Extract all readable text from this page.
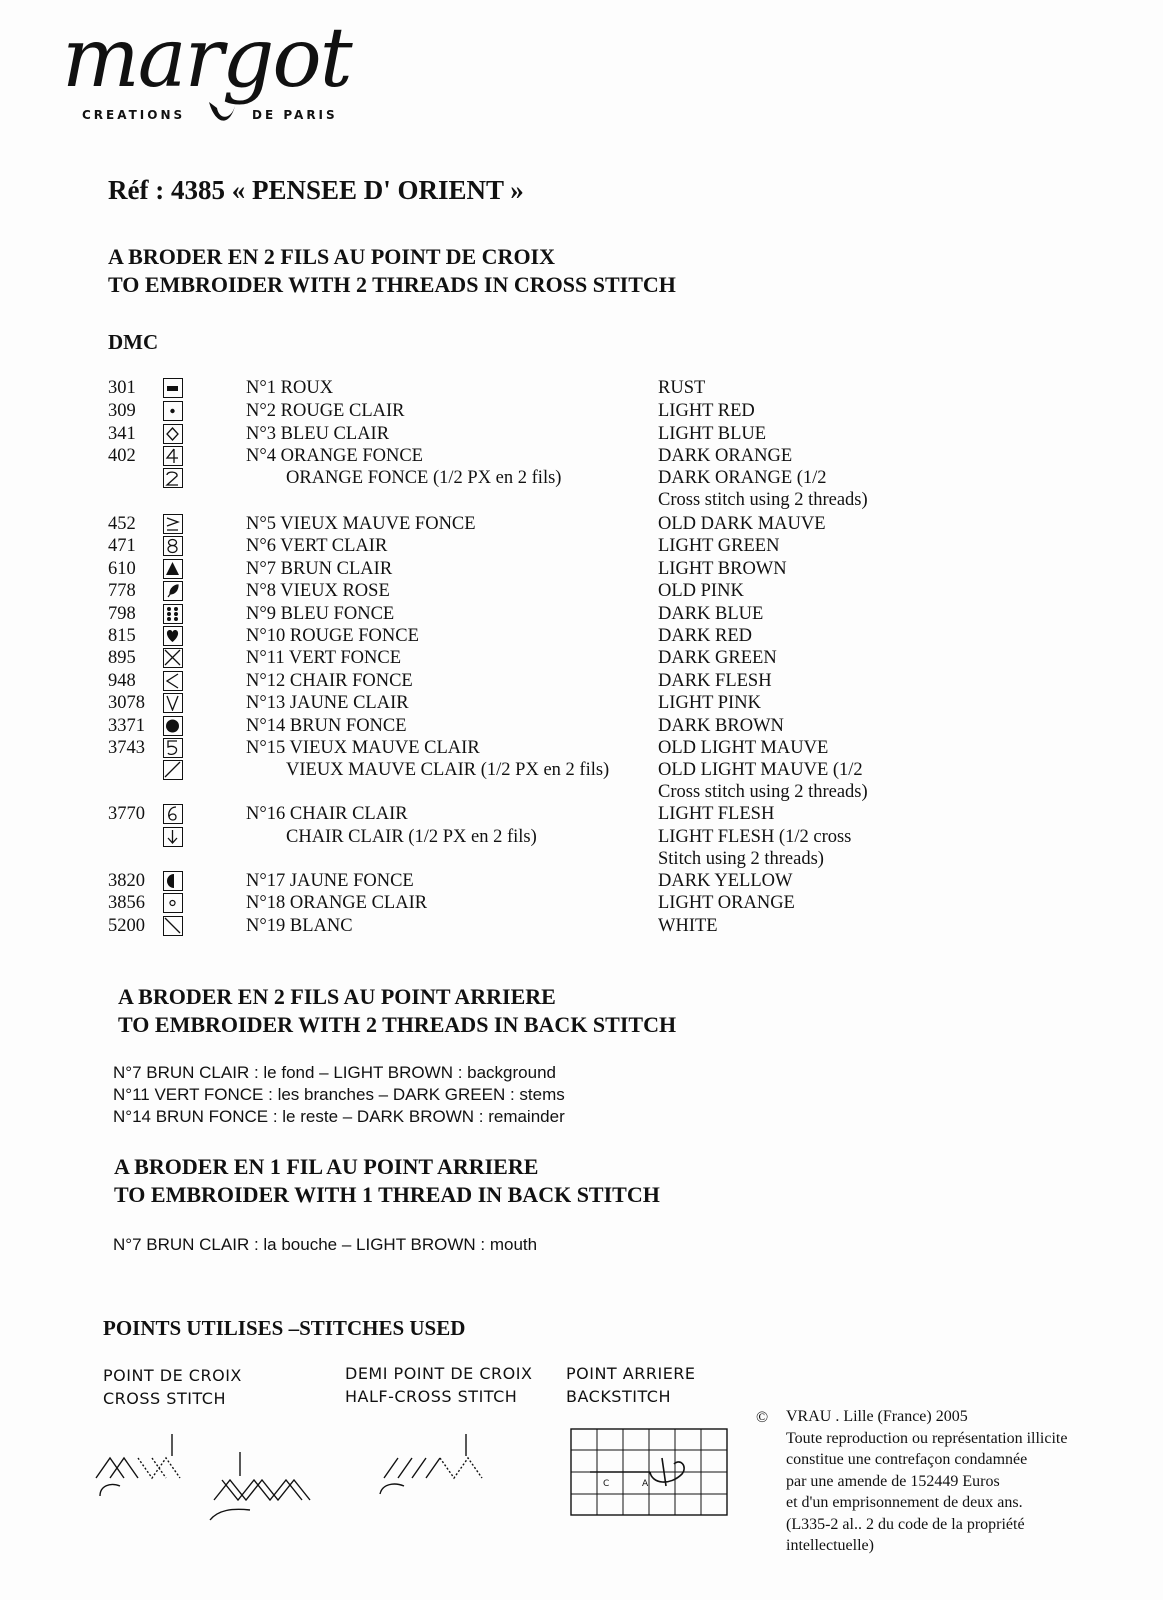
margot
CREATIONS	DE PARIS
Réf : 4385 « PENSEE D' ORIENT »
A BRODER EN 2 FILS AU POINT DE CROIX
TO EMBROIDER WITH 2 THREADS IN CROSS STITCH
DMC
301	N°1 ROUX	RUST
309	N°2 ROUGE CLAIR	LIGHT RED
341	N°3 BLEU CLAIR	LIGHT BLUE
402	N°4 ORANGE FONCE	DARK ORANGE
ORANGE FONCE (1/2 PX en 2 fils)	DARK ORANGE (1/2
Cross stitch using 2 threads)
452	N°5 VIEUX MAUVE FONCE	OLD DARK MAUVE
471	N°6 VERT CLAIR	LIGHT GREEN
610	N°7 BRUN CLAIR	LIGHT BROWN
778	N°8 VIEUX ROSE	OLD PINK
798	N°9 BLEU FONCE	DARK BLUE
815	N°10 ROUGE FONCE	DARK RED
895	N°11 VERT FONCE	DARK GREEN
948	N°12 CHAIR FONCE	DARK FLESH
3078	N°13 JAUNE CLAIR	LIGHT PINK
3371	N°14 BRUN FONCE	DARK BROWN
3743	N°15 VIEUX MAUVE CLAIR	OLD LIGHT MAUVE
VIEUX MAUVE CLAIR (1/2 PX en 2 fils)	OLD LIGHT MAUVE (1/2
Cross stitch using 2 threads)
3770	N°16 CHAIR CLAIR	LIGHT FLESH
CHAIR CLAIR (1/2 PX en 2 fils)	LIGHT FLESH (1/2 cross
Stitch using 2 threads)
3820	N°17 JAUNE FONCE	DARK YELLOW
3856	N°18 ORANGE CLAIR	LIGHT ORANGE
5200	N°19 BLANC	WHITE
A BRODER EN 2 FILS AU POINT ARRIERE
TO EMBROIDER WITH 2 THREADS IN BACK STITCH
N°7 BRUN CLAIR : le fond – LIGHT BROWN : background
N°11 VERT FONCE : les branches – DARK GREEN : stems
N°14 BRUN FONCE : le reste – DARK BROWN : remainder
A BRODER EN 1 FIL AU POINT ARRIERE
TO EMBROIDER WITH 1 THREAD IN BACK STITCH
N°7 BRUN CLAIR : la bouche – LIGHT BROWN : mouth
POINTS UTILISES –STITCHES USED
POINT DE CROIX
CROSS STITCH
DEMI POINT DE CROIX
HALF-CROSS STITCH
POINT ARRIERE
BACKSTITCH
C	A
© VRAU . Lille (France) 2005
Toute reproduction ou représentation illicite
constitue une contrefaçon condamnée
par une amende de 152449 Euros
et d'un emprisonnement de deux ans.
(L335-2 al.. 2 du code de la propriété
intellectuelle)
